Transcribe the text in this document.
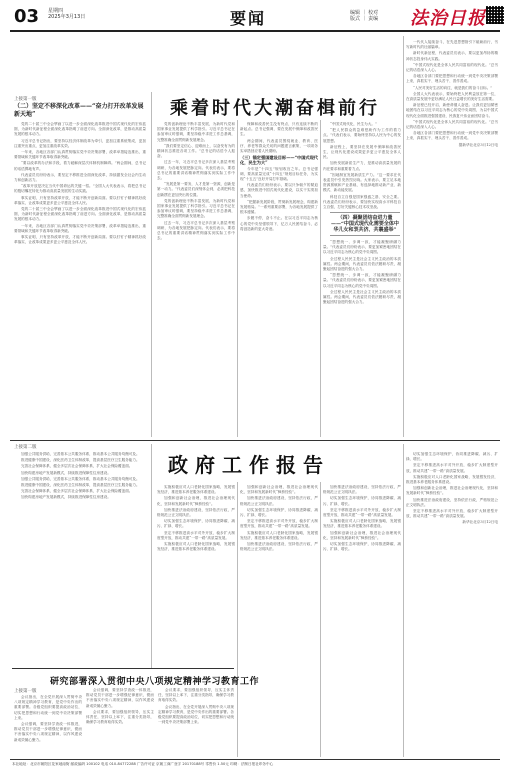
03 星期四
2025年3月13日	要闻	编辑 ｜ 校对
版式 ｜ 责编 法治日报
上接第一版
（二）坚定不移深化改革——“奋力打开改革发展新天地”

党的二十届三中全会擘画了以进一步全面深化改革推进中国式现代化的宏伟蓝图，为新时代新征程全面深化改革指明了前进方向。全面深化改革，是推动高质量发展的根本动力。

习近平总书记指出，要坚持以经济体制改革为牵引，更加注重系统集成，更加注重突出重点，更加注重改革实效。

一年来，各地区各部门认真贯彻落实党中央决策部署，改革举措接连推出，重要领域和关键环节改革取得新突破。

“要以改革的办法和手段，着力破解深层次体制机制障碍。”两会期间，总书记的话语掷地有声。

代表委员们纷纷表示，要坚定不移推进全面深化改革，持续激发全社会内生动力和创新活力。

“改革开放是决定当代中国命运的关键一招。”全国人大代表表示，将把总书记的殷切嘱托转化为推动高质量发展的生动实践。

事实证明，只有坚持改革开放，才能不断开创新局面。要以钉钉子精神抓好改革落实，让改革成果更多更公平惠及全体人民。

党的二十届三中全会擘画了以进一步全面深化改革推进中国式现代化的宏伟蓝图，为新时代新征程全面深化改革指明了前进方向。全面深化改革，是推动高质量发展的根本动力。

一年来，各地区各部门认真贯彻落实党中央决策部署，改革举措接连推出，重要领域和关键环节改革取得新突破。

事实证明，只有坚持改革开放，才能不断开创新局面。要以钉钉子精神抓好改革落实，让改革成果更多更公平惠及全体人民。

乘着时代大潮奋楫前行

党的创新理论不断丰富发展，为新时代党和国家事业发展提供了科学指引。习近平总书记在参加审议时强调，要坚持稳中求进工作总基调，完整准确全面贯彻新发展理念。

“我们要坚定信心、迎难而上，以奋发有为的精神状态推进各项工作。”总书记的话语令人振奋。

过去一年，习近平总书记多次深入基层考察调研，为各地发展把脉定向。代表们表示，要将总书记的重要讲话精神贯彻落实到实际工作中去。

“发展是第一要务，人才是第一资源，创新是第一动力。”代表委员们深刻体会到，必须把科技创新摆在更加突出的位置。

党的创新理论不断丰富发展，为新时代党和国家事业发展提供了科学指引。习近平总书记在参加审议时强调，要坚持稳中求进工作总基调，完整准确全面贯彻新发展理念。

过去一年，习近平总书记多次深入基层考察调研，为各地发展把脉定向。代表们表示，要将总书记的重要讲话精神贯彻落实到实际工作中去。

保障和改善民生没有终点，只有连续不断的新起点。总书记强调，要在发展中保障和改善民生。

两会期间，代表委员围绕就业、教育、医疗、养老等群众关切的问题建言献策，一项项务实举措回应着人民期盼。

（三）锚定强国建设目标——“中国式现代化，民生为大”

今年是“十四五”规划收官之年。总书记强调，要高质量完成“十四五”规划目标任务，为实现“十五五”良好开局打牢基础。

代表委员们纷纷表示，要以只争朝夕的紧迫感，加快推进中国式现代化建设，以实干实绩担当使命。

“把握新发展阶段，贯彻新发展理念，构建新发展格局。”一系列重要部署，为各地发展提供了根本遵循。

步履不停，奋斗不止。在以习近平同志为核心的党中央坚强领导下，亿万人民团结奋斗，必将创造新的更大奇迹。

“中国式现代化，民生为大。”

“把人民群众的急难愁盼作为工作的着力点。”代表们表示，要始终坚持以人民为中心的发展思想。

新征程上，要坚持在发展中保障和改善民生，让现代化建设成果更多更公平惠及全体人民。

加快发展新质生产力，是推动高质量发展的内在要求和重要着力点。

“因地制宜发展新质生产力。”这一要求在代表委员中引发热烈反响。大家表示，要立足本地资源禀赋和产业基础，有选择地推动新产业、新模式、新动能发展。

科技自立自强是国家强盛之基、安全之要。代表委员们纷纷表示，要加快实现高水平科技自立自强，打好关键核心技术攻坚战。

一代代人接续奋斗，在先进思想指引下砥砺前行，书写新时代的壮丽篇章。

新时代新征程，代表委员们表示，要以更加昂扬的精神状态投身伟大实践。

“中国式现代化是全体人民共同富裕的现代化。”总书记的话语深入人心。

各地区各部门要把思想和行动统一到党中央决策部署上来，真抓实干、埋头苦干、善作善成。

“人民对美好生活的向往，就是我们的奋斗目标。”

全国人大代表表示，要始终把人民利益放在第一位，在高质量发展中更好满足人民日益增长的美好生活需要。

新征程已经开启，新使命催人奋进。让我们更加紧密地团结在以习近平同志为核心的党中央周围，为以中国式现代化全面推进强国建设、民族复兴伟业而团结奋斗。

“中国式现代化是全体人民共同富裕的现代化。”总书记的话语深入人心。

各地区各部门要把思想和行动统一到党中央决策部署上来，真抓实干、埋头苦干、善作善成。

据新华社北京3月12日电

（四）凝聚团结奋进力量——“中国式现代化需要全体中华儿女和衷共济、共襄盛举”

“思想统一、步调一致，才能凝聚磅礴力量。”代表委员们纷纷表示，要更加紧密地团结在以习近平同志为核心的党中央周围。

全过程人民民主是社会主义民主政治的本质属性。两会期间，代表委员们依法履职尽责，凝聚起团结奋进的强大合力。

“思想统一、步调一致，才能凝聚磅礴力量。”代表委员们纷纷表示，要更加紧密地团结在以习近平同志为核心的党中央周围。

全过程人民民主是社会主义民主政治的本质属性。两会期间，代表委员们依法履职尽责，凝聚起团结奋进的强大合力。

上接第二版
政府工作报告

加强公共服务供给，完善基本公共服务体系，推动基本公共服务均衡可及。

推进健康中国建设，深化医药卫生体制改革，提高基层医疗卫生服务能力。

完善社会保障体系，健全多层次社会保障体系，扩大社会保险覆盖面。

加快构建房地产发展新模式，持续推进保障性住房建设。

加强公共服务供给，完善基本公共服务体系，推动基本公共服务均衡可及。

推进健康中国建设，深化医药卫生体制改革，提高基层医疗卫生服务能力。

完善社会保障体系，健全多层次社会保障体系，扩大社会保险覆盖面。

加快构建房地产发展新模式，持续推进保障性住房建设。

实施积极应对人口老龄化国家战略，发展银发经济，推进基本养老服务体系建设。

加强和创新社会治理，推进社会治理现代化，坚持和发展新时代“枫桥经验”。

加快推进法治政府建设，坚持依法行政，严格规范公正文明执法。

切实加强生态环境保护，协同推进降碳、减污、扩绿、增长。

坚定不移推进高水平对外开放，稳步扩大制度型开放，推动共建“一带一路”高质量发展。

实施积极应对人口老龄化国家战略，发展银发经济，推进基本养老服务体系建设。

加强和创新社会治理，推进社会治理现代化，坚持和发展新时代“枫桥经验”。

加快推进法治政府建设，坚持依法行政，严格规范公正文明执法。

切实加强生态环境保护，协同推进降碳、减污、扩绿、增长。

坚定不移推进高水平对外开放，稳步扩大制度型开放，推动共建“一带一路”高质量发展。

实施积极应对人口老龄化国家战略，发展银发经济，推进基本养老服务体系建设。

加快推进法治政府建设，坚持依法行政，严格规范公正文明执法。

加快推进法治政府建设，坚持依法行政，严格规范公正文明执法。

切实加强生态环境保护，协同推进降碳、减污、扩绿、增长。

坚定不移推进高水平对外开放，稳步扩大制度型开放，推动共建“一带一路”高质量发展。

实施积极应对人口老龄化国家战略，发展银发经济，推进基本养老服务体系建设。

加强和创新社会治理，推进社会治理现代化，坚持和发展新时代“枫桥经验”。

切实加强生态环境保护，协同推进降碳、减污、扩绿、增长。

切实加强生态环境保护，协同推进降碳、减污、扩绿、增长。

坚定不移推进高水平对外开放，稳步扩大制度型开放，推动共建“一带一路”高质量发展。

实施积极应对人口老龄化国家战略，发展银发经济，推进基本养老服务体系建设。

加强和创新社会治理，推进社会治理现代化，坚持和发展新时代“枫桥经验”。

加快推进法治政府建设，坚持依法行政，严格规范公正文明执法。

坚定不移推进高水平对外开放，稳步扩大制度型开放，推动共建“一带一路”高质量发展。

新华社北京3月12日电

研究部署深入贯彻中央八项规定精神学习教育工作
上接第一版

会议指出，在全党开展深入贯彻中央八项规定精神学习教育，是党中央作出的重要部署。各级党组织要提高政治站位，切实把思想和行动统一到党中央决策部署上来。

会议强调，要坚持学查改一体推进，推动党员干部进一步增强纪律意识，锲而不舍落实中央八项规定精神，以作风建设新成效凝心聚力。

会议强调，要坚持学查改一体推进，推动党员干部进一步增强纪律意识，锲而不舍落实中央八项规定精神，以作风建设新成效凝心聚力。

会议要求，要加强组织领导，压实主体责任，坚持以上率下，注重分类指导，确保学习教育取得实效。

会议要求，要加强组织领导，压实主体责任，坚持以上率下，注重分类指导，确保学习教育取得实效。

会议指出，在全党开展深入贯彻中央八项规定精神学习教育，是党中央作出的重要部署。各级党组织要提高政治站位，切实把思想和行动统一到党中央决策部署上来。

本社地址：北京市朝阳区花家地南街 邮政编码 100102 电话 010-84772288 广告许可证 京朝工商广登字 20170188号 零售价 1.50元 印刷：法制日报社印务中心
